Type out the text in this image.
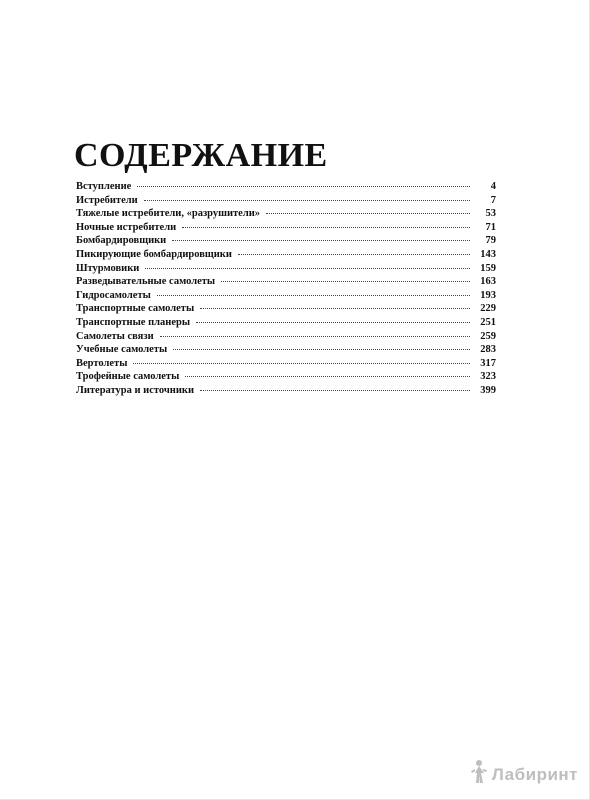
СОДЕРЖАНИЕ
Вступление	4
Истребители	7
Тяжелые истребители, «разрушители»	53
Ночные истребители	71
Бомбардировщики	79
Пикирующие бомбардировщики	143
Штурмовики	159
Разведывательные самолеты	163
Гидросамолеты	193
Транспортные самолеты	229
Транспортные планеры	251
Самолеты связи	259
Учебные самолеты	283
Вертолеты	317
Трофейные самолеты	323
Литература и источники	399
Лабиринт
